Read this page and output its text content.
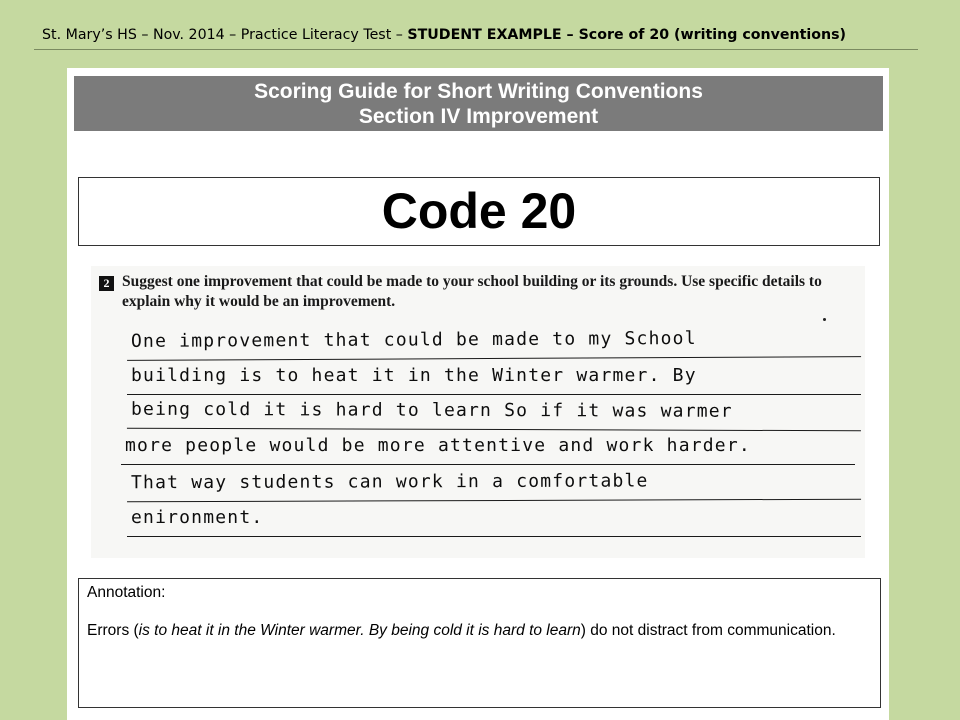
St. Mary’s HS – Nov. 2014 – Practice Literacy Test – STUDENT EXAMPLE – Score of 20 (writing conventions)
Scoring Guide for Short Writing Conventions
Section IV Improvement
Code 20
2 Suggest one improvement that could be made to your school building or its grounds. Use specific details to explain why it would be an improvement.
One improvement that could be made to my School
building is to heat it in the Winter warmer. By
being cold it is hard to learn So if it was warmer
more people would be more attentive and work harder.
That way students can work in a comfortable
enironment.
Annotation:
Errors (is to heat it in the Winter warmer. By being cold it is hard to learn) do not distract from communication.
